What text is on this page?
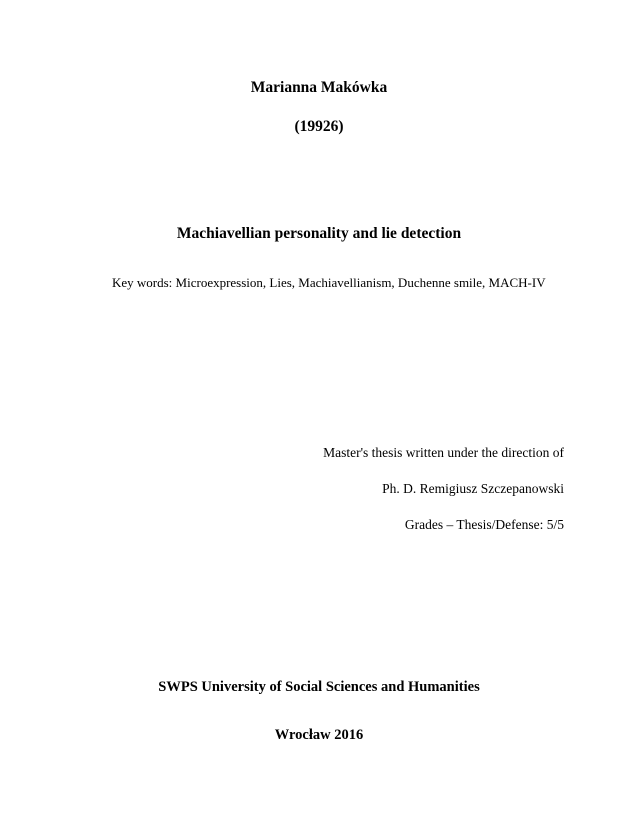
Marianna Makówka
(19926)
Machiavellian personality and lie detection
Key words: Microexpression, Lies, Machiavellianism, Duchenne smile, MACH-IV
Master's thesis written under the direction of
Ph. D. Remigiusz Szczepanowski
Grades – Thesis/Defense: 5/5
SWPS University of Social Sciences and Humanities
Wrocław 2016
